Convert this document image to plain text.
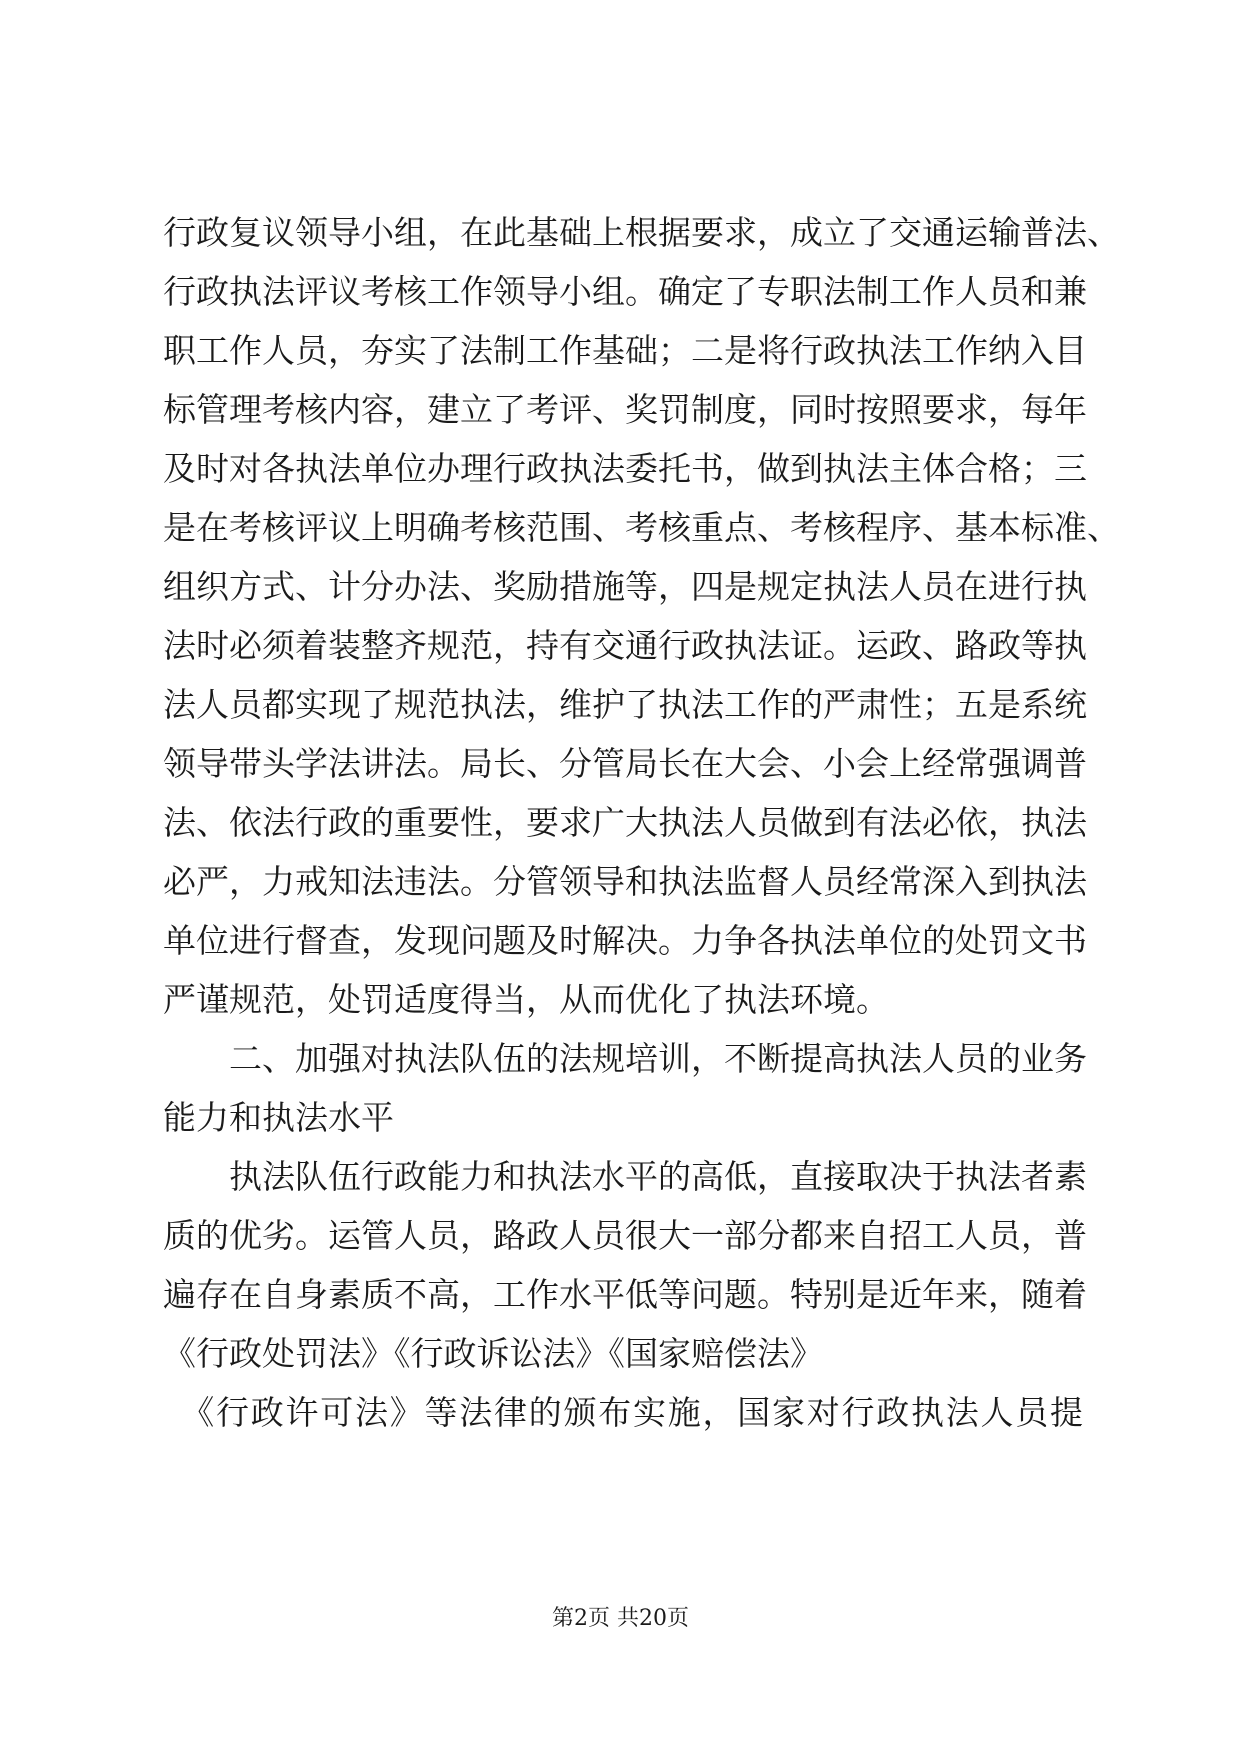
行政复议领导小组，在此基础上根据要求，成立了交通运输普法、
行政执法评议考核工作领导小组。确定了专职法制工作人员和兼
职工作人员，夯实了法制工作基础；二是将行政执法工作纳入目
标管理考核内容，建立了考评、奖罚制度，同时按照要求，每年
及时对各执法单位办理行政执法委托书，做到执法主体合格；三
是在考核评议上明确考核范围、考核重点、考核程序、基本标准、
组织方式、计分办法、奖励措施等，四是规定执法人员在进行执
法时必须着装整齐规范，持有交通行政执法证。运政、路政等执
法人员都实现了规范执法，维护了执法工作的严肃性；五是系统
领导带头学法讲法。局长、分管局长在大会、小会上经常强调普
法、依法行政的重要性，要求广大执法人员做到有法必依，执法
必严，力戒知法违法。分管领导和执法监督人员经常深入到执法
单位进行督查，发现问题及时解决。力争各执法单位的处罚文书
严谨规范，处罚适度得当，从而优化了执法环境。
　　二、加强对执法队伍的法规培训，不断提高执法人员的业务
能力和执法水平
　　执法队伍行政能力和执法水平的高低，直接取决于执法者素
质的优劣。运管人员，路政人员很大一部分都来自招工人员，普
遍存在自身素质不高，工作水平低等问题。特别是近年来，随着
《行政处罚法》《行政诉讼法》《国家赔偿法》
　《行政许可法》等法律的颁布实施，国家对行政执法人员提
第2页 共20页
